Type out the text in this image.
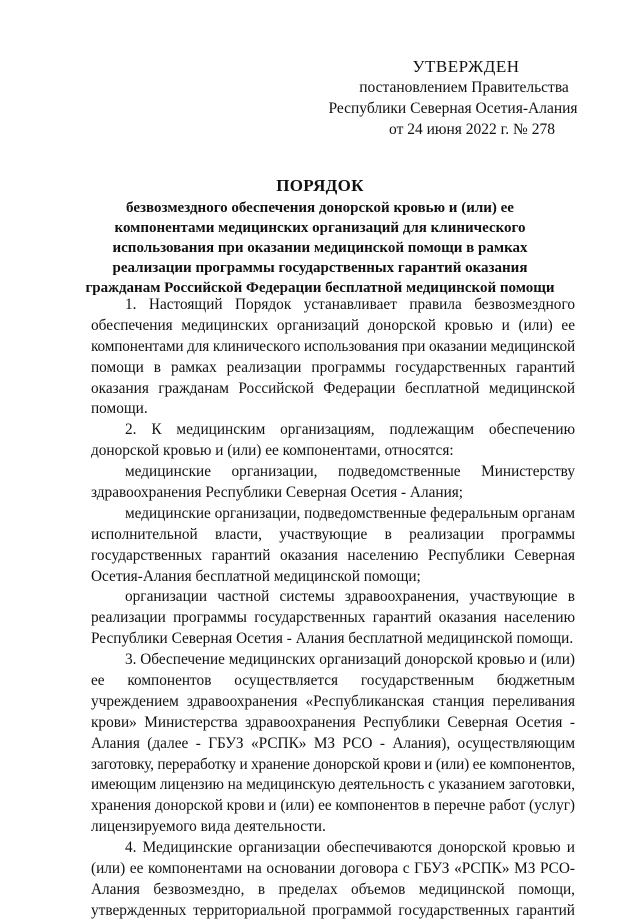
УТВЕРЖДЕН
постановлением Правительства
Республики Северная Осетия-Алания
от 24 июня 2022 г. № 278
ПОРЯДОК
безвозмездного обеспечения донорской кровью и (или) ее
компонентами медицинских организаций для клинического
использования при оказании медицинской помощи в рамках
реализации программы государственных гарантий оказания
гражданам Российской Федерации бесплатной медицинской помощи
1. Настоящий Порядок устанавливает правила безвозмездного
обеспечения медицинских организаций донорской кровью и (или) ее
компонентами для клинического использования при оказании медицинской
помощи в рамках реализации программы государственных гарантий
оказания гражданам Российской Федерации бесплатной медицинской
помощи.
2. К медицинским организациям, подлежащим обеспечению
донорской кровью и (или) ее компонентами, относятся:
медицинские организации, подведомственные Министерству
здравоохранения Республики Северная Осетия - Алания;
медицинские организации, подведомственные федеральным органам
исполнительной власти, участвующие в реализации программы
государственных гарантий оказания населению Республики Северная
Осетия-Алания бесплатной медицинской помощи;
организации частной системы здравоохранения, участвующие в
реализации программы государственных гарантий оказания населению
Республики Северная Осетия - Алания бесплатной медицинской помощи.
3. Обеспечение медицинских организаций донорской кровью и (или)
ее компонентов осуществляется государственным бюджетным
учреждением здравоохранения «Республиканская станция переливания
крови» Министерства здравоохранения Республики Северная Осетия -
Алания (далее - ГБУЗ «РСПК» МЗ РСО - Алания), осуществляющим
заготовку, переработку и хранение донорской крови и (или) ее компонентов,
имеющим лицензию на медицинскую деятельность с указанием заготовки,
хранения донорской крови и (или) ее компонентов в перечне работ (услуг)
лицензируемого вида деятельности.
4. Медицинские организации обеспечиваются донорской кровью и
(или) ее компонентами на основании договора с ГБУЗ «РСПК» МЗ РСО-
Алания безвозмездно, в пределах объемов медицинской помощи,
утвержденных территориальной программой государственных гарантий
